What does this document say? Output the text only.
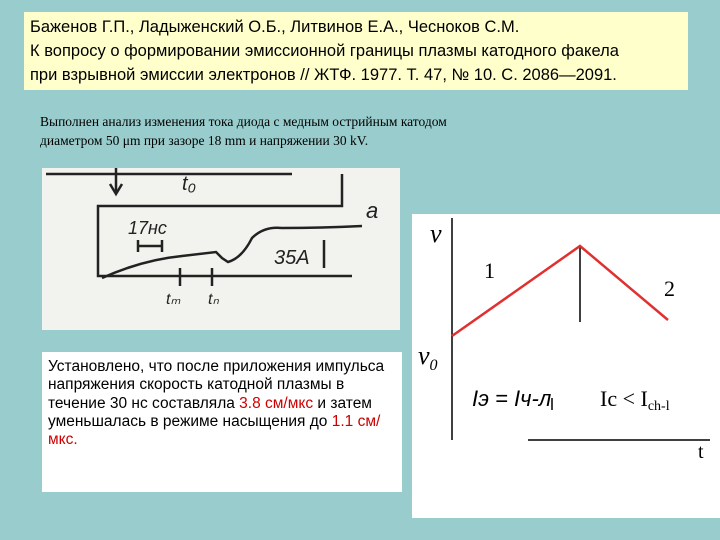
Баженов Г.П., Ладыженский О.Б., Литвинов Е.А., Чесноков С.М.
К вопросу о формировании эмиссионной границы плазмы катодного факела
при взрывной эмиссии электронов // ЖТФ. 1977. Т. 47, № 10. С. 2086—2091.
Выполнен анализ изменения тока диода с медным острийным катодом
диаметром 50 μm при зазоре 18 mm и напряжении 30 kV.
t₀
a
17нс
35А
tₘ tₙ
Установлено, что после приложения импульса напряжения скорость катодной плазмы в течение 30 нс составляла 3.8 см/мкс и затем уменьшалась в режиме насыщения до 1.1 см/мкс.
v
$v_0$
1
2
t
Iэ = Iч-л Ic < Ich-l
